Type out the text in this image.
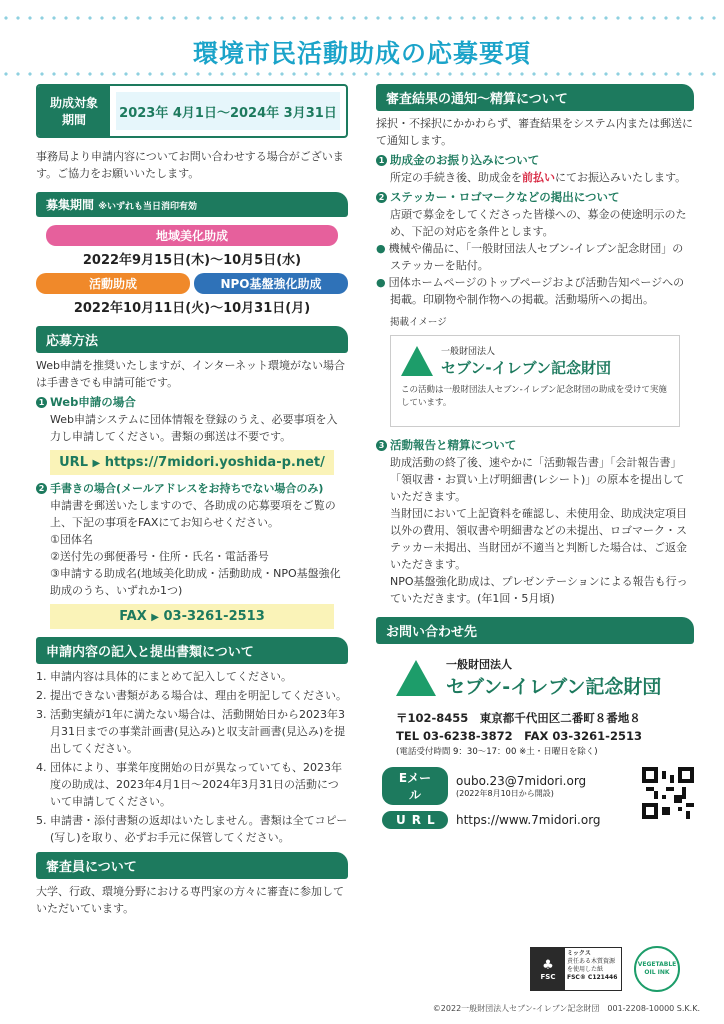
環境市民活動助成の応募要項
助成対象
期間	2023年 4月1日～2024年 3月31日
事務局より申請内容についてお問い合わせする場合がございます。ご協力をお願いいたします。
募集期間 ※いずれも当日消印有効
地域美化助成
2022年9月15日(木)～10月5日(水)
活動助成	NPO基盤強化助成
2022年10月11日(火)～10月31日(月)
応募方法
Web申請を推奨いたしますが、インターネット環境がない場合は手書きでも申請可能です。
1 Web申請の場合
Web申請システムに団体情報を登録のうえ、必要事項を入力し申請してください。書類の郵送は不要です。
URL ▶ https://7midori.yoshida-p.net/
2 手書きの場合(メールアドレスをお持ちでない場合のみ)
申請書を郵送いたしますので、各助成の応募要項をご覧の上、下記の事項をFAXにてお知らせください。
①団体名
②送付先の郵便番号・住所・氏名・電話番号
③申請する助成名(地域美化助成・活動助成・NPO基盤強化助成のうち、いずれか1つ)
FAX ▶ 03-3261-2513
申請内容の記入と提出書類について
1. 申請内容は具体的にまとめて記入してください。
2. 提出できない書類がある場合は、理由を明記してください。
3. 活動実績が1年に満たない場合は、活動開始日から2023年3月31日までの事業計画書(見込み)と収支計画書(見込み)を提出してください。
4. 団体により、事業年度開始の日が異なっていても、2023年度の助成は、2023年4月1日～2024年3月31日の活動について申請してください。
5. 申請書・添付書類の返却はいたしません。書類は全てコピー(写し)を取り、必ずお手元に保管してください。
審査員について
大学、行政、環境分野における専門家の方々に審査に参加していただいています。
審査結果の通知～精算について
採択・不採択にかかわらず、審査結果をシステム内または郵送にて通知します。
1 助成金のお振り込みについて
所定の手続き後、助成金を前払いにてお振込みいたします。
2 ステッカー・ロゴマークなどの掲出について
店頭で募金をしてくださった皆様への、募金の使途明示のため、下記の対応を条件とします。
● 機械や備品に、「一般財団法人セブン-イレブン記念財団」のステッカーを貼付。
● 団体ホームページのトップページおよび活動告知ページへの掲載。印刷物や制作物への掲載。活動場所への掲出。
掲載イメージ
一般財団法人
セブン-イレブン記念財団
この活動は一般財団法人セブン-イレブン記念財団の助成を受けて実施しています。
3 活動報告と精算について
助成活動の終了後、速やかに「活動報告書」「会計報告書」「領収書・お買い上げ明細書(レシート)」の原本を提出していただきます。
当財団において上記資料を確認し、未使用金、助成決定項目以外の費用、領収書や明細書などの未提出、ロゴマーク・ステッカー未掲出、当財団が不適当と判断した場合は、ご返金いただきます。
NPO基盤強化助成は、プレゼンテーションによる報告も行っていただきます。(年1回・5月頃)
お問い合わせ先
一般財団法人
セブン-イレブン記念財団
〒102-8455　東京都千代田区二番町８番地８
TEL 03-6238-3872　FAX 03-3261-2513
(電話受付時間 9：30～17：00 ※土・日曜日を除く)
Eメール
oubo.23@7midori.org
(2022年8月10日から開設)
URL	https://www.7midori.org
♣
FSC
ミックス
責任ある木質資源を使用した紙
FSC® C121446
VEGETABLE OIL INK
©2022一般財団法人セブン-イレブン記念財団　001-2208-10000 S.K.K.
